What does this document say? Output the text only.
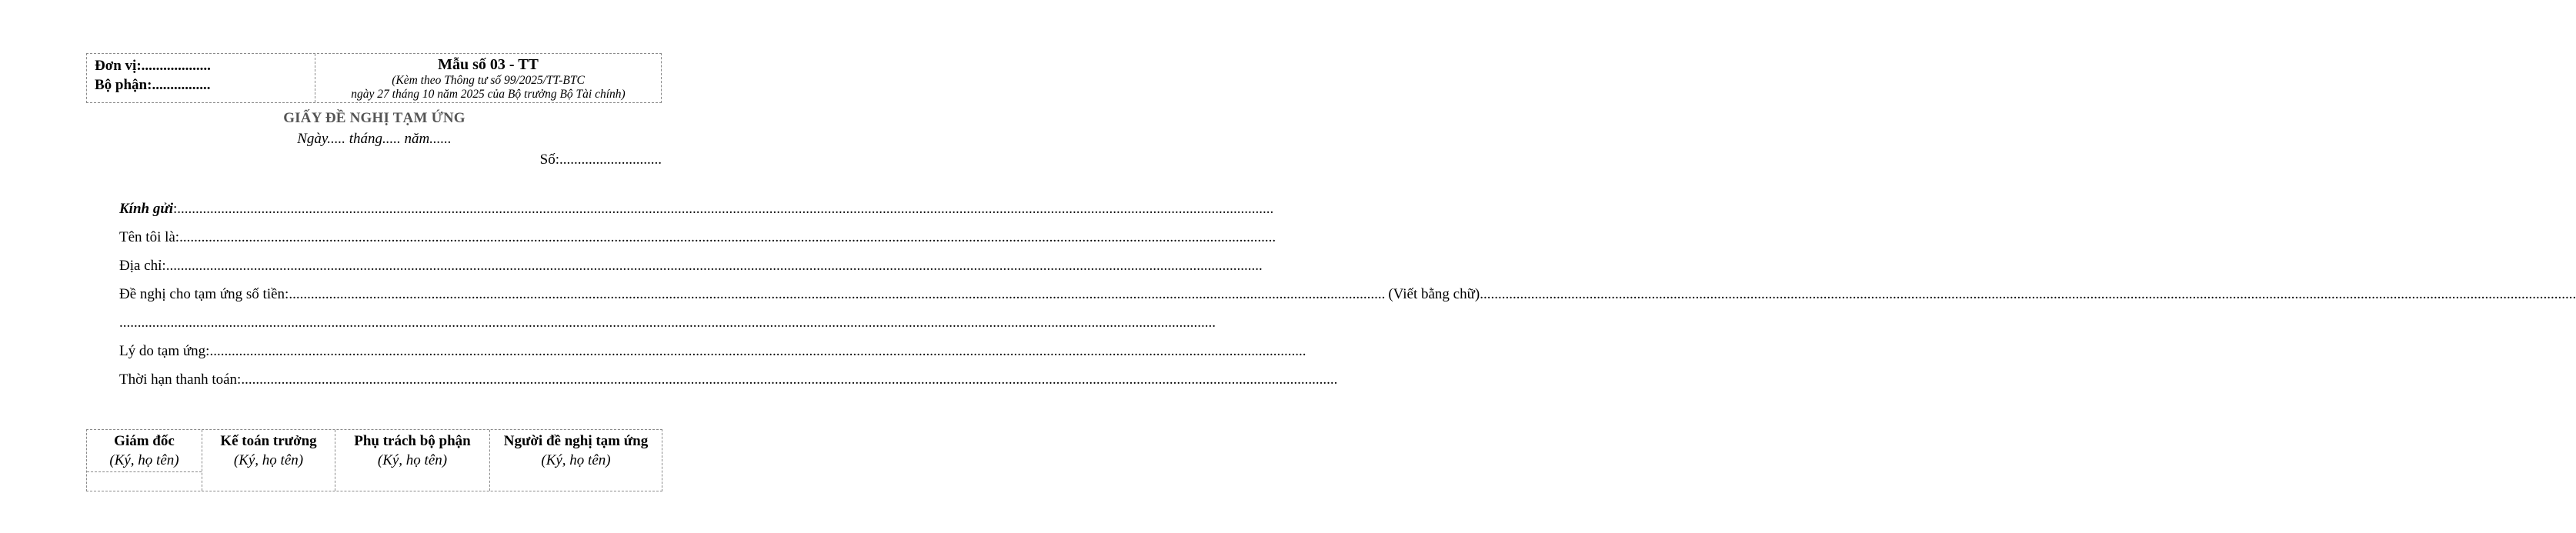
Đơn vị:...................
Bộ phận:................
Mẫu số 03 - TT
(Kèm theo Thông tư số 99/2025/TT-BTC
ngày 27 tháng 10 năm 2025 của Bộ trưởng Bộ Tài chính)
GIẤY ĐỀ NGHỊ TẠM ỨNG
Ngày..... tháng..... năm......
Số:............................
Kính gửi : ............................................................................................................................................................................................................................................................................................................
Tên tôi là: ............................................................................................................................................................................................................................................................................................................
Địa chỉ: ............................................................................................................................................................................................................................................................................................................
Đề nghị cho tạm ứng số tiền: ............................................................................................................................................................................................................................................................................................................ (Viết bằng chữ) ............................................................................................................................................................................................................................................................................................................
............................................................................................................................................................................................................................................................................................................
Lý do tạm ứng: ............................................................................................................................................................................................................................................................................................................
Thời hạn thanh toán: ............................................................................................................................................................................................................................................................................................................
Giám đốc
(Ký, họ tên)
Kế toán trưởng
(Ký, họ tên)
Phụ trách bộ phận
(Ký, họ tên)
Người đề nghị tạm ứng
(Ký, họ tên)
